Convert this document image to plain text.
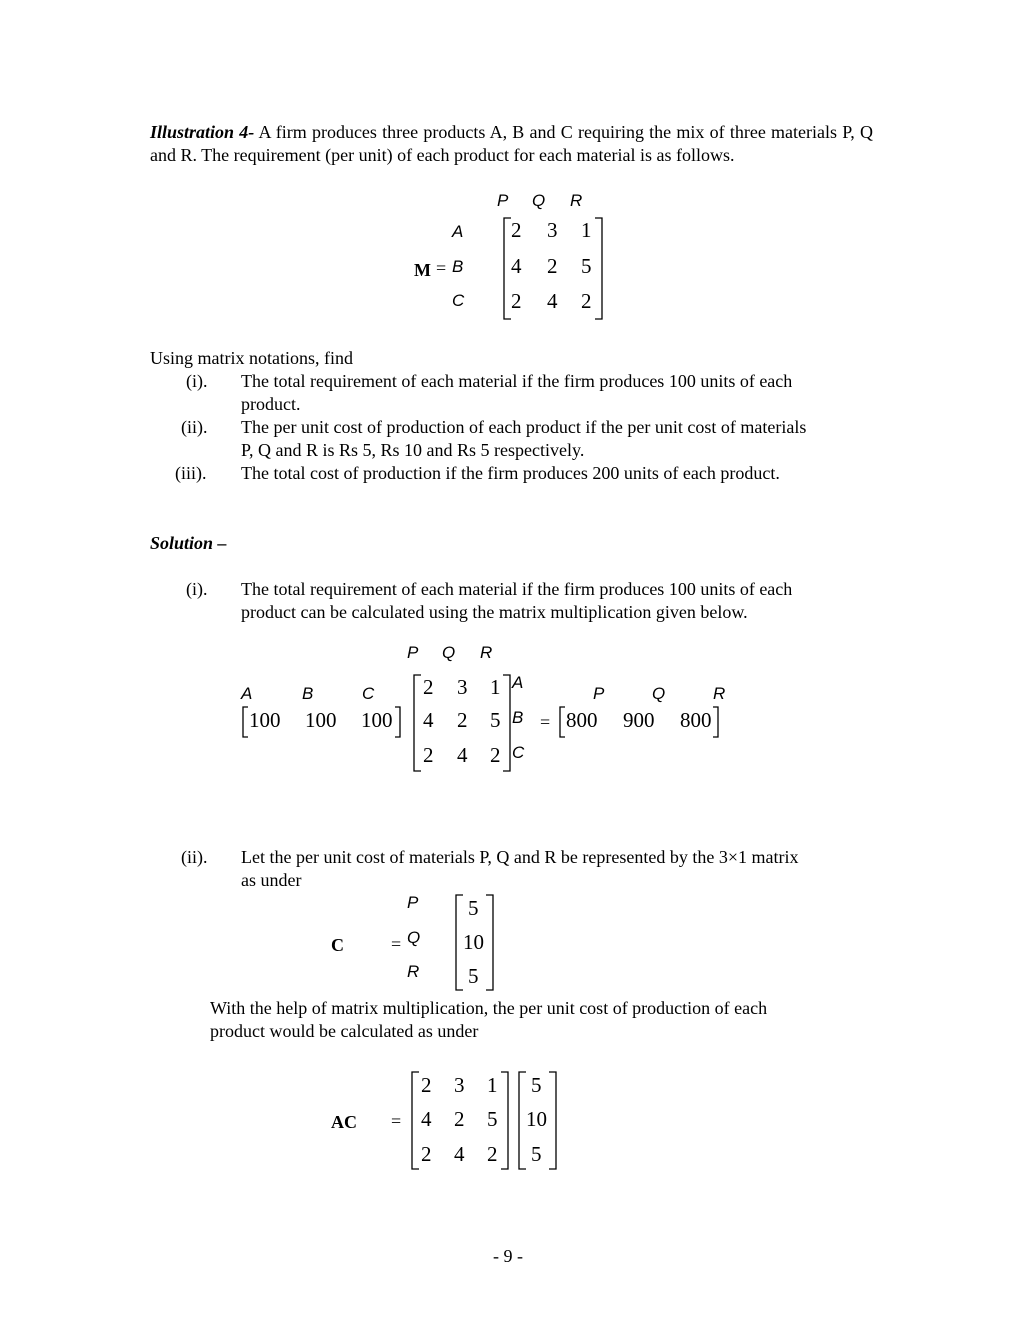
Illustration 4- A firm produces three products A, B and C requiring the mix of three materials P, Q and R. The requirement (per unit) of each product for each material is as follows.
P Q R
A
M = B
C
2 3 1
4 2 5
2 4 2
Using matrix notations, find
(i). The total requirement of each material if the firm produces 100 units of each
product.
(ii). The per unit cost of production of each product if the per unit cost of materials
P, Q and R is Rs 5, Rs 10 and Rs 5 respectively.
(iii). The total cost of production if the firm produces 200 units of each product.
Solution –
(i). The total requirement of each material if the firm produces 100 units of each
product can be calculated using the matrix multiplication given below.
P Q R
A	B	C
100 100 100
2 3 1
4 2 5
2 4 2
A
B
C
=
P	Q	R
800 900 800
(ii). Let the per unit cost of materials P, Q and R be represented by the 3×1 matrix
as under
P
C	= Q
R
5
10
5
With the help of matrix multiplication, the per unit cost of production of each
product would be calculated as under
AC =
2 3 1
4 2 5
2 4 2
5
10
5
- 9 -
